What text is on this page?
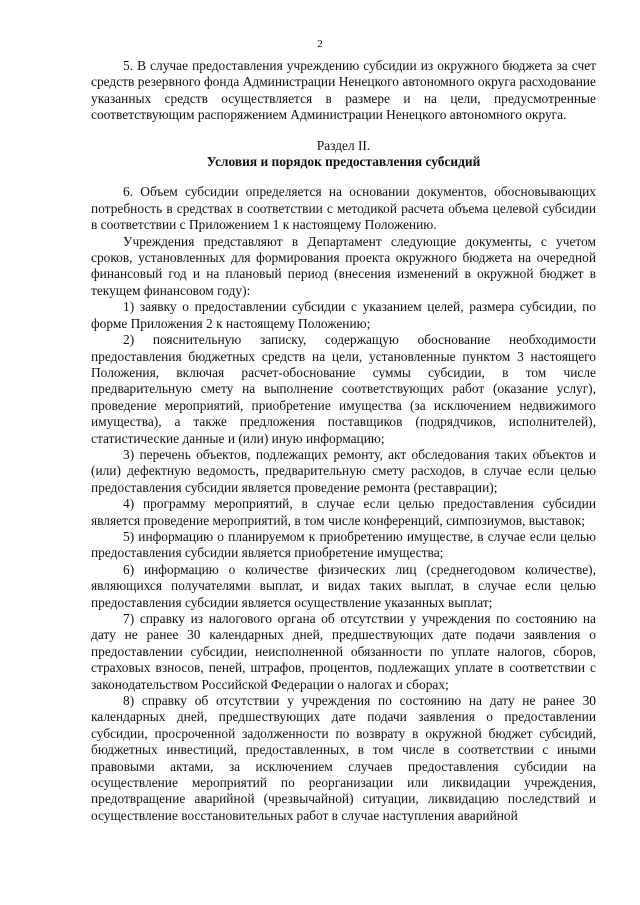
2

5. В случае предоставления учреждению субсидии из окружного бюджета за счет средств резервного фонда Администрации Ненецкого автономного округа расходование указанных средств осуществляется в размере и на цели, предусмотренные соответствующим распоряжением Администрации Ненецкого автономного округа.

Раздел II.

Условия и порядок предоставления субсидий

6. Объем субсидии определяется на основании документов, обосновывающих потребность в средствах в соответствии с методикой расчета объема целевой субсидии в соответствии с Приложением 1 к настоящему Положению.

Учреждения представляют в Департамент следующие документы, с учетом сроков, установленных для формирования проекта окружного бюджета на очередной финансовый год и на плановый период (внесения изменений в окружной бюджет в текущем финансовом году):

1) заявку о предоставлении субсидии с указанием целей, размера субсидии, по форме Приложения 2 к настоящему Положению;

2) пояснительную записку, содержащую обоснование необходимости предоставления бюджетных средств на цели, установленные пунктом 3 настоящего Положения, включая расчет-обоснование суммы субсидии, в том числе предварительную смету на выполнение соответствующих работ (оказание услуг), проведение мероприятий, приобретение имущества (за исключением недвижимого имущества), а также предложения поставщиков (подрядчиков, исполнителей), статистические данные и (или) иную информацию;

3) перечень объектов, подлежащих ремонту, акт обследования таких объектов и (или) дефектную ведомость, предварительную смету расходов, в случае если целью предоставления субсидии является проведение ремонта (реставрации);

4) программу мероприятий, в случае если целью предоставления субсидии является проведение мероприятий, в том числе конференций, симпозиумов, выставок;

5) информацию о планируемом к приобретению имуществе, в случае если целью предоставления субсидии является приобретение имущества;

6) информацию о количестве физических лиц (среднегодовом количестве), являющихся получателями выплат, и видах таких выплат, в случае если целью предоставления субсидии является осуществление указанных выплат;

7) справку из налогового органа об отсутствии у учреждения по состоянию на дату не ранее 30 календарных дней, предшествующих дате подачи заявления о предоставлении субсидии, неисполненной обязанности по уплате налогов, сборов, страховых взносов, пеней, штрафов, процентов, подлежащих уплате в соответствии с законодательством Российской Федерации о налогах и сборах;

8) справку об отсутствии у учреждения по состоянию на дату не ранее 30 календарных дней, предшествующих дате подачи заявления о предоставлении субсидии, просроченной задолженности по возврату в окружной бюджет субсидий, бюджетных инвестиций, предоставленных, в том числе в соответствии с иными правовыми актами, за исключением случаев предоставления субсидии на осуществление мероприятий по реорганизации или ликвидации учреждения, предотвращение аварийной (чрезвычайной) ситуации, ликвидацию последствий и осуществление восстановительных работ в случае наступления аварийной
